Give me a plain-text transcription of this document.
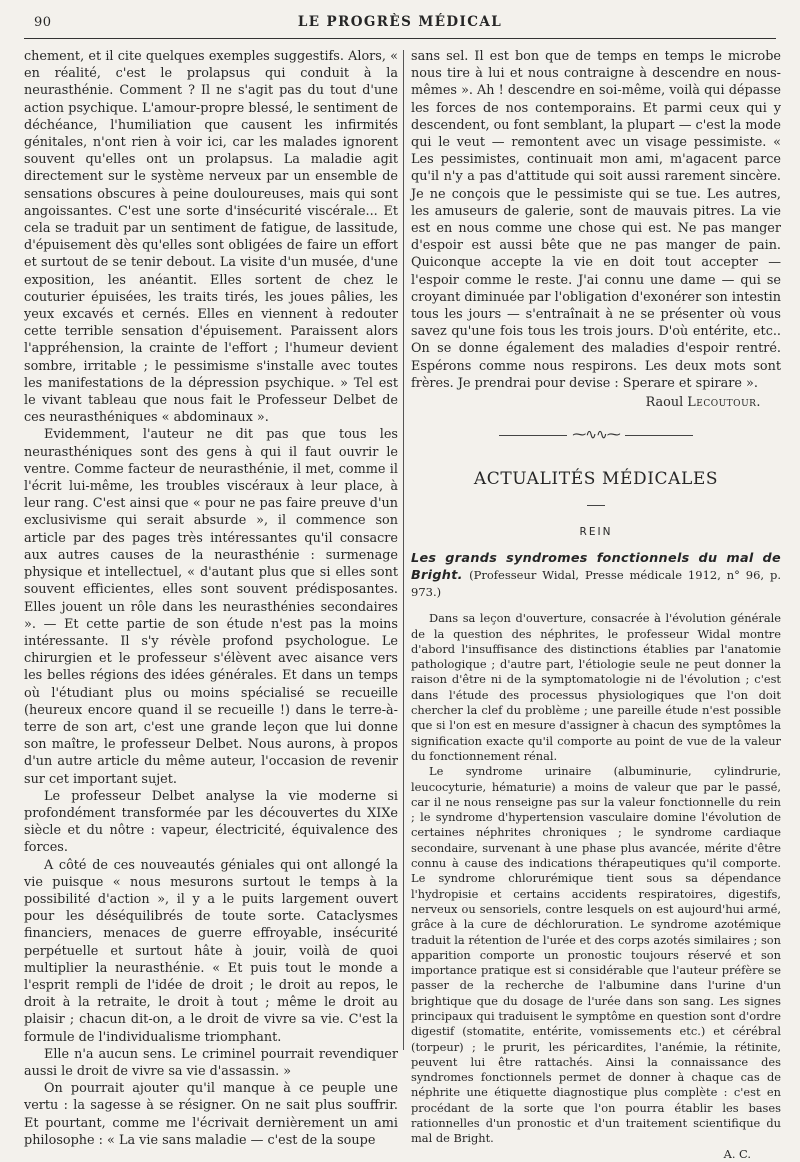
90	LE PROGRÈS MÉDICAL

chement, et il cite quelques exemples suggestifs. Alors, « en réalité, c'est le prolapsus qui conduit à la neurasthénie. Comment ? Il ne s'agit pas du tout d'une action psychique. L'amour-propre blessé, le sentiment de déchéance, l'humiliation que causent les infirmités génitales, n'ont rien à voir ici, car les malades ignorent souvent qu'elles ont un prolapsus. La maladie agit directement sur le système nerveux par un ensemble de sensations obscures à peine douloureuses, mais qui sont angoissantes. C'est une sorte d'insécurité viscérale... Et cela se traduit par un sentiment de fatigue, de lassitude, d'épuisement dès qu'elles sont obligées de faire un effort et surtout de se tenir debout. La visite d'un musée, d'une exposition, les anéantit. Elles sortent de chez le couturier épuisées, les traits tirés, les joues pâlies, les yeux excavés et cernés. Elles en viennent à redouter cette terrible sensation d'épuisement. Paraissent alors l'appréhension, la crainte de l'effort ; l'humeur devient sombre, irritable ; le pessimisme s'installe avec toutes les manifestations de la dépression psychique. » Tel est le vivant tableau que nous fait le Professeur Delbet de ces neurasthéniques « abdominaux ».

Evidemment, l'auteur ne dit pas que tous les neurasthéniques sont des gens à qui il faut ouvrir le ventre. Comme facteur de neurasthénie, il met, comme il l'écrit lui-même, les troubles viscéraux à leur place, à leur rang. C'est ainsi que « pour ne pas faire preuve d'un exclusivisme qui serait absurde », il commence son article par des pages très intéressantes qu'il consacre aux autres causes de la neurasthénie : surmenage physique et intellectuel, « d'autant plus que si elles sont souvent efficientes, elles sont souvent prédisposantes. Elles jouent un rôle dans les neurasthénies secondaires ». — Et cette partie de son étude n'est pas la moins intéressante. Il s'y révèle profond psychologue. Le chirurgien et le professeur s'élèvent avec aisance vers les belles régions des idées générales. Et dans un temps où l'étudiant plus ou moins spécialisé se recueille (heureux encore quand il se recueille !) dans le terre-à-terre de son art, c'est une grande leçon que lui donne son maître, le professeur Delbet. Nous aurons, à propos d'un autre article du même auteur, l'occasion de revenir sur cet important sujet.

Le professeur Delbet analyse la vie moderne si profondément transformée par les découvertes du XIXe siècle et du nôtre : vapeur, électricité, équivalence des forces.

A côté de ces nouveautés géniales qui ont allongé la vie puisque « nous mesurons surtout le temps à la possibilité d'action », il y a le puits largement ouvert pour les déséquilibrés de toute sorte. Cataclysmes financiers, menaces de guerre effroyable, insécurité perpétuelle et surtout hâte à jouir, voilà de quoi multiplier la neurasthénie. « Et puis tout le monde a l'esprit rempli de l'idée de droit ; le droit au repos, le droit à la retraite, le droit à tout ; même le droit au plaisir ; chacun dit-on, a le droit de vivre sa vie. C'est la formule de l'individualisme triomphant.

Elle n'a aucun sens. Le criminel pourrait revendiquer aussi le droit de vivre sa vie d'assassin. »

On pourrait ajouter qu'il manque à ce peuple une vertu : la sagesse à se résigner. On ne sait plus souffrir. Et pourtant, comme me l'écrivait dernièrement un ami philosophe : « La vie sans maladie — c'est de la soupe

sans sel. Il est bon que de temps en temps le microbe nous tire à lui et nous contraigne à descendre en nous-mêmes ». Ah ! descendre en soi-même, voilà qui dépasse les forces de nos contemporains. Et parmi ceux qui y descendent, ou font semblant, la plupart — c'est la mode qui le veut — remontent avec un visage pessimiste. « Les pessimistes, continuait mon ami, m'agacent parce qu'il n'y a pas d'attitude qui soit aussi rarement sincère. Je ne conçois que le pessimiste qui se tue. Les autres, les amuseurs de galerie, sont de mauvais pitres. La vie est en nous comme une chose qui est. Ne pas manger d'espoir est aussi bête que ne pas manger de pain. Quiconque accepte la vie en doit tout accepter — l'espoir comme le reste. J'ai connu une dame — qui se croyant diminuée par l'obligation d'exonérer son intestin tous les jours — s'entraînait à ne se présenter où vous savez qu'une fois tous les trois jours. D'où entérite, etc.. On se donne également des maladies d'espoir rentré. Espérons comme nous respirons. Les deux mots sont frères. Je prendrai pour devise : Sperare et spirare ».

Raoul Lecoutour.
⁓∿∿⁓
ACTUALITÉS MÉDICALES
REIN

Les grands syndromes fonctionnels du mal de Bright. (Professeur Widal, Presse médicale 1912, n° 96, p. 973.)

Dans sa leçon d'ouverture, consacrée à l'évolution générale de la question des néphrites, le professeur Widal montre d'abord l'insuffisance des distinctions établies par l'anatomie pathologique ; d'autre part, l'étiologie seule ne peut donner la raison d'être ni de la symptomatologie ni de l'évolution ; c'est dans l'étude des processus physiologiques que l'on doit chercher la clef du problème ; une pareille étude n'est possible que si l'on est en mesure d'assigner à chacun des symptômes la signification exacte qu'il comporte au point de vue de la valeur du fonctionnement rénal.

Le syndrome urinaire (albuminurie, cylindrurie, leucocyturie, hématurie) a moins de valeur que par le passé, car il ne nous renseigne pas sur la valeur fonctionnelle du rein ; le syndrome d'hypertension vasculaire domine l'évolution de certaines néphrites chroniques ; le syndrome cardiaque secondaire, survenant à une phase plus avancée, mérite d'être connu à cause des indications thérapeutiques qu'il comporte. Le syndrome chlorurémique tient sous sa dépendance l'hydropisie et certains accidents respiratoires, digestifs, nerveux ou sensoriels, contre lesquels on est aujourd'hui armé, grâce à la cure de déchloruration. Le syndrome azotémique traduit la rétention de l'urée et des corps azotés similaires ; son apparition comporte un pronostic toujours réservé et son importance pratique est si considérable que l'auteur préfère se passer de la recherche de l'albumine dans l'urine d'un brightique que du dosage de l'urée dans son sang. Les signes principaux qui traduisent le symptôme en question sont d'ordre digestif (stomatite, entérite, vomissements etc.) et cérébral (torpeur) ; le prurit, les péricardites, l'anémie, la rétinite, peuvent lui être rattachés. Ainsi la connaissance des syndromes fonctionnels permet de donner à chaque cas de néphrite une étiquette diagnostique plus complète : c'est en procédant de la sorte que l'on pourra établir les bases rationnelles d'un pronostic et d'un traitement scientifique du mal de Bright.

A. C.
